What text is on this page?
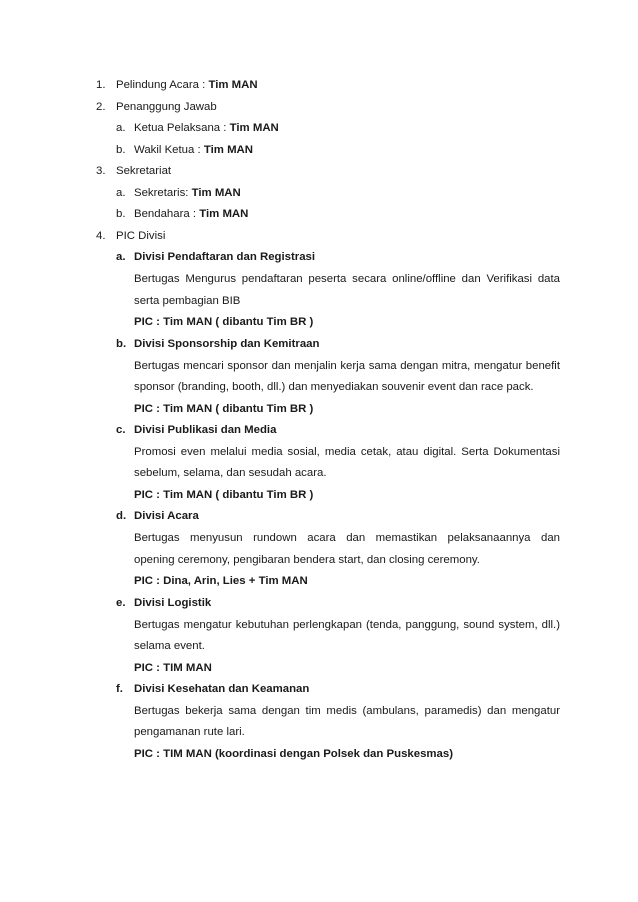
1. Pelindung Acara : Tim MAN
2. Penanggung Jawab
a. Ketua Pelaksana : Tim MAN
b. Wakil Ketua : Tim MAN
3. Sekretariat
a. Sekretaris: Tim MAN
b. Bendahara : Tim MAN
4. PIC Divisi
a. Divisi Pendaftaran dan Registrasi
Bertugas Mengurus pendaftaran peserta secara online/offline dan Verifikasi data
serta pembagian BIB
PIC : Tim MAN ( dibantu Tim BR )
b. Divisi Sponsorship dan Kemitraan
Bertugas mencari sponsor dan menjalin kerja sama dengan mitra, mengatur benefit
sponsor (branding, booth, dll.) dan menyediakan souvenir event dan race pack.
PIC : Tim MAN ( dibantu Tim BR )
c. Divisi Publikasi dan Media
Promosi even melalui media sosial, media cetak, atau digital. Serta Dokumentasi
sebelum, selama, dan sesudah acara.
PIC : Tim MAN ( dibantu Tim BR )
d. Divisi Acara
Bertugas menyusun rundown acara dan memastikan pelaksanaannya dan
opening ceremony, pengibaran bendera start, dan closing ceremony.
PIC : Dina, Arin, Lies + Tim MAN
e. Divisi Logistik
Bertugas mengatur kebutuhan perlengkapan (tenda, panggung, sound system, dll.)
selama event.
PIC : TIM MAN
f. Divisi Kesehatan dan Keamanan
Bertugas bekerja sama dengan tim medis (ambulans, paramedis) dan mengatur
pengamanan rute lari.
PIC : TIM MAN (koordinasi dengan Polsek dan Puskesmas)
